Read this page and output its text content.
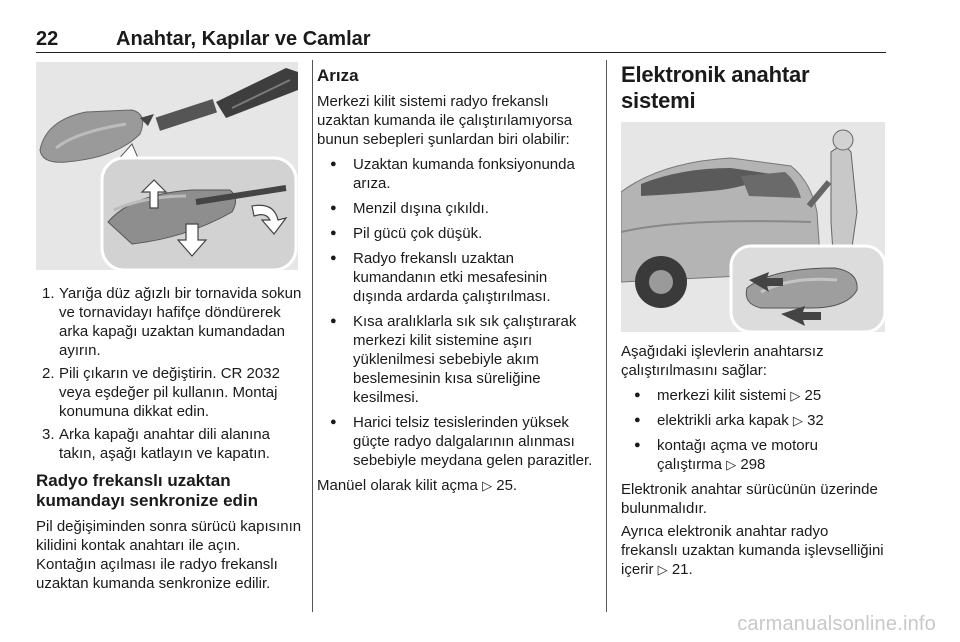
22	Anahtar, Kapılar ve Camlar
1. Yarığa düz ağızlı bir tornavida sokun ve tornavidayı hafifçe döndürerek arka kapağı uzaktan kumandadan ayırın.
2. Pili çıkarın ve değiştirin. CR 2032 veya eşdeğer pil kullanın. Montaj konumuna dikkat edin.
3. Arka kapağı anahtar dili alanına takın, aşağı katlayın ve kapatın.
Radyo frekanslı uzaktan kumandayı senkronize edin

Pil değişiminden sonra sürücü kapısının kilidini kontak anahtarı ile açın. Kontağın açılması ile radyo frekanslı uzaktan kumanda senkronize edilir.

Arıza

Merkezi kilit sistemi radyo frekanslı uzaktan kumanda ile çalıştırılamıyorsa bunun sebepleri şunlardan biri olabilir:

● Uzaktan kumanda fonksiyonunda arıza.
● Menzil dışına çıkıldı.
● Pil gücü çok düşük.
● Radyo frekanslı uzaktan kumandanın etki mesafesinin dışında ardarda çalıştırılması.
● Kısa aralıklarla sık sık çalıştırarak merkezi kilit sistemine aşırı yüklenilmesi sebebiyle akım beslemesinin kısa süreliğine kesilmesi.
● Harici telsiz tesislerinden yüksek güçte radyo dalgalarının alınması sebebiyle meydana gelen parazitler.

Manüel olarak kilit açma ▷ 25.

Elektronik anahtar sistemi

Aşağıdaki işlevlerin anahtarsız çalıştırılmasını sağlar:

● merkezi kilit sistemi ▷ 25
● elektrikli arka kapak ▷ 32
● kontağı açma ve motoru çalıştırma ▷ 298

Elektronik anahtar sürücünün üzerinde bulunmalıdır.

Ayrıca elektronik anahtar radyo frekanslı uzaktan kumanda işlevselliğini içerir ▷ 21.

carmanualsonline.info
